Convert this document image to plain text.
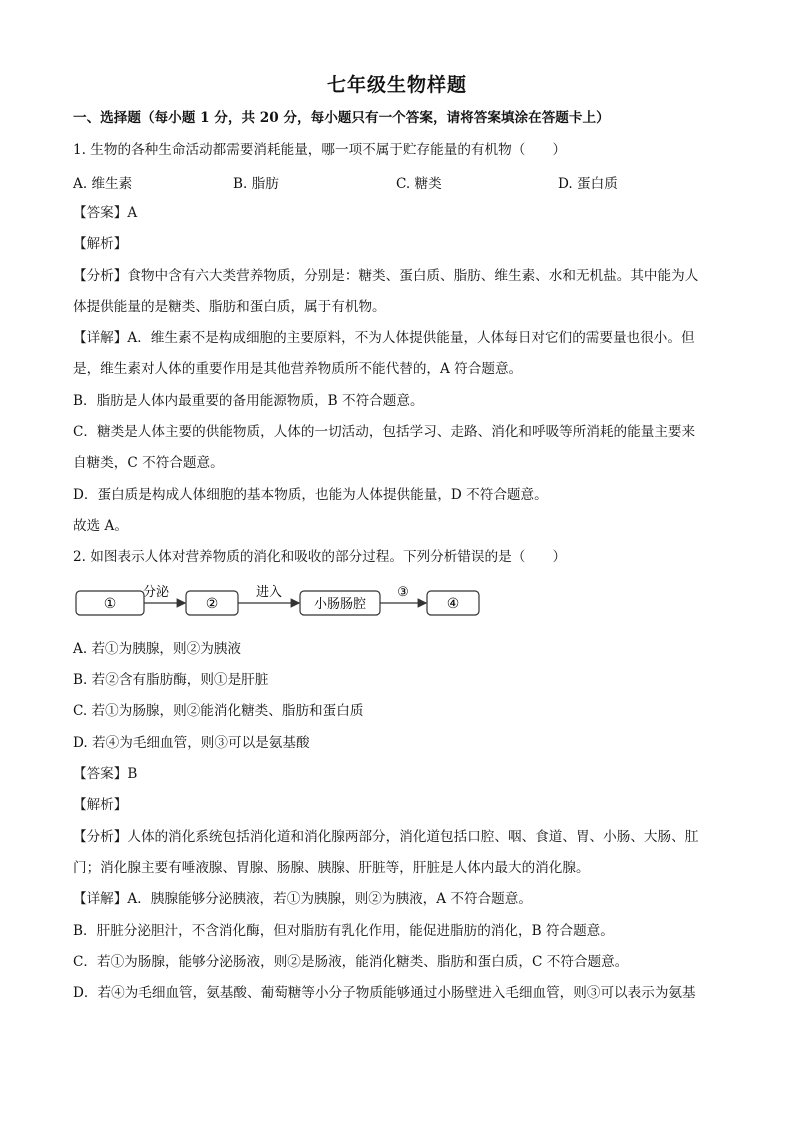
七年级生物样题
一、选择题（每小题 1 分，共 20 分，每小题只有一个答案，请将答案填涂在答题卡上）
1. 生物的各种生命活动都需要消耗能量，哪一项不属于贮存能量的有机物（　　）
A. 维生素	B. 脂肪	C. 糖类	D. 蛋白质
【答案】A
【解析】
【分析】食物中含有六大类营养物质，分别是：糖类、蛋白质、脂肪、维生素、水和无机盐。其中能为人
体提供能量的是糖类、脂肪和蛋白质，属于有机物。
【详解】A．维生素不是构成细胞的主要原料，不为人体提供能量，人体每日对它们的需要量也很小。但
是，维生素对人体的重要作用是其他营养物质所不能代替的，A 符合题意。
B．脂肪是人体内最重要的备用能源物质，B 不符合题意。
C．糖类是人体主要的供能物质，人体的一切活动，包括学习、走路、消化和呼吸等所消耗的能量主要来
自糖类，C 不符合题意。
D．蛋白质是构成人体细胞的基本物质，也能为人体提供能量，D 不符合题意。
故选 A。
2. 如图表示人体对营养物质的消化和吸收的部分过程。下列分析错误的是（　　）
①
分泌
②
进入
小肠肠腔
③
④
A. 若①为胰腺，则②为胰液
B. 若②含有脂肪酶，则①是肝脏
C. 若①为肠腺，则②能消化糖类、脂肪和蛋白质
D. 若④为毛细血管，则③可以是氨基酸
【答案】B
【解析】
【分析】人体的消化系统包括消化道和消化腺两部分，消化道包括口腔、咽、食道、胃、小肠、大肠、肛
门；消化腺主要有唾液腺、胃腺、肠腺、胰腺、肝脏等，肝脏是人体内最大的消化腺。
【详解】A．胰腺能够分泌胰液，若①为胰腺，则②为胰液，A 不符合题意。
B．肝脏分泌胆汁，不含消化酶，但对脂肪有乳化作用，能促进脂肪的消化，B 符合题意。
C．若①为肠腺，能够分泌肠液，则②是肠液，能消化糖类、脂肪和蛋白质，C 不符合题意。
D．若④为毛细血管，氨基酸、葡萄糖等小分子物质能够通过小肠壁进入毛细血管，则③可以表示为氨基
